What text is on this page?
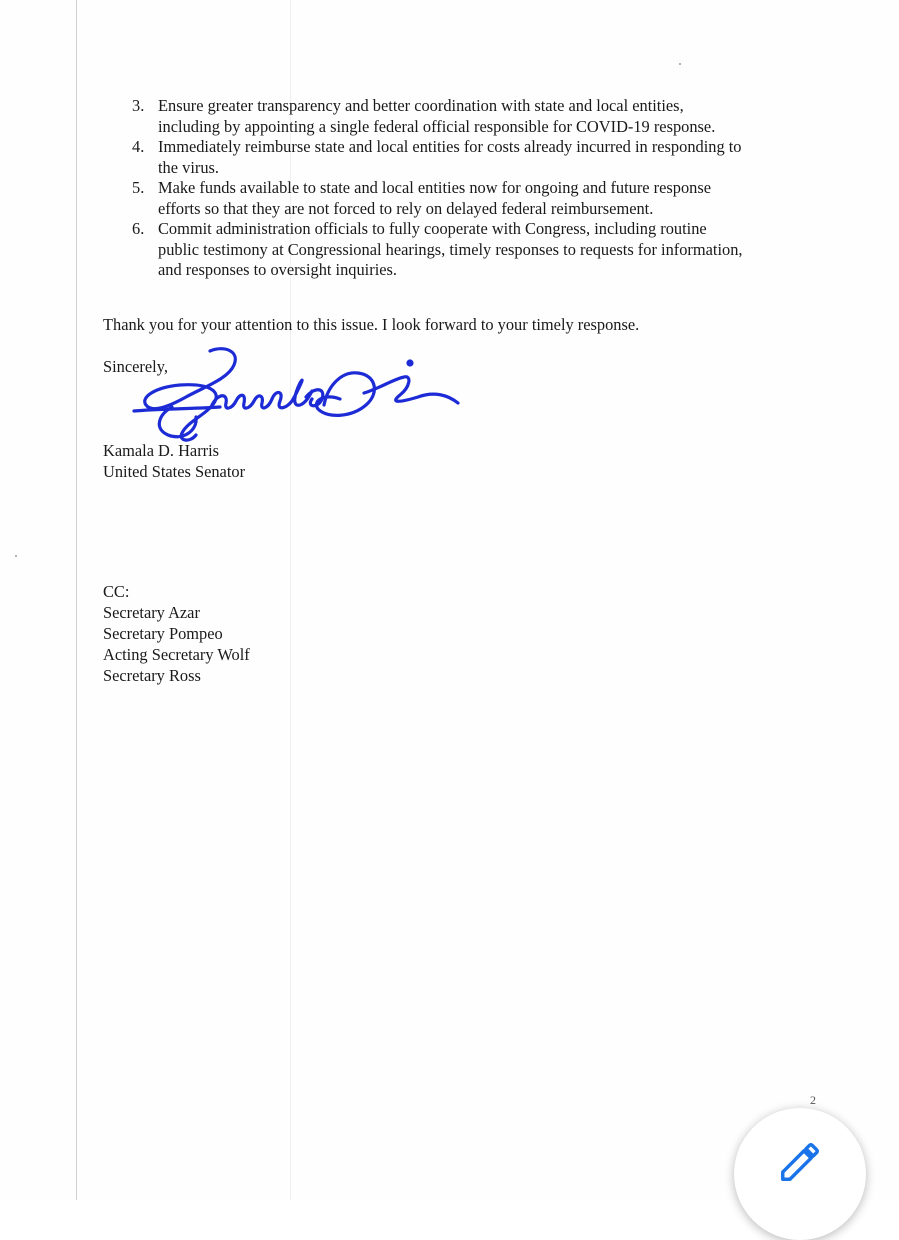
3. Ensure greater transparency and better coordination with state and local entities,
including by appointing a single federal official responsible for COVID-19 response.
4. Immediately reimburse state and local entities for costs already incurred in responding to
the virus.
5. Make funds available to state and local entities now for ongoing and future response
efforts so that they are not forced to rely on delayed federal reimbursement.
6. Commit administration officials to fully cooperate with Congress, including routine
public testimony at Congressional hearings, timely responses to requests for information,
and responses to oversight inquiries.

Thank you for your attention to this issue. I look forward to your timely response.

Sincerely,

Kamala D. Harris

United States Senator

CC:

Secretary Azar

Secretary Pompeo

Acting Secretary Wolf

Secretary Ross

2
